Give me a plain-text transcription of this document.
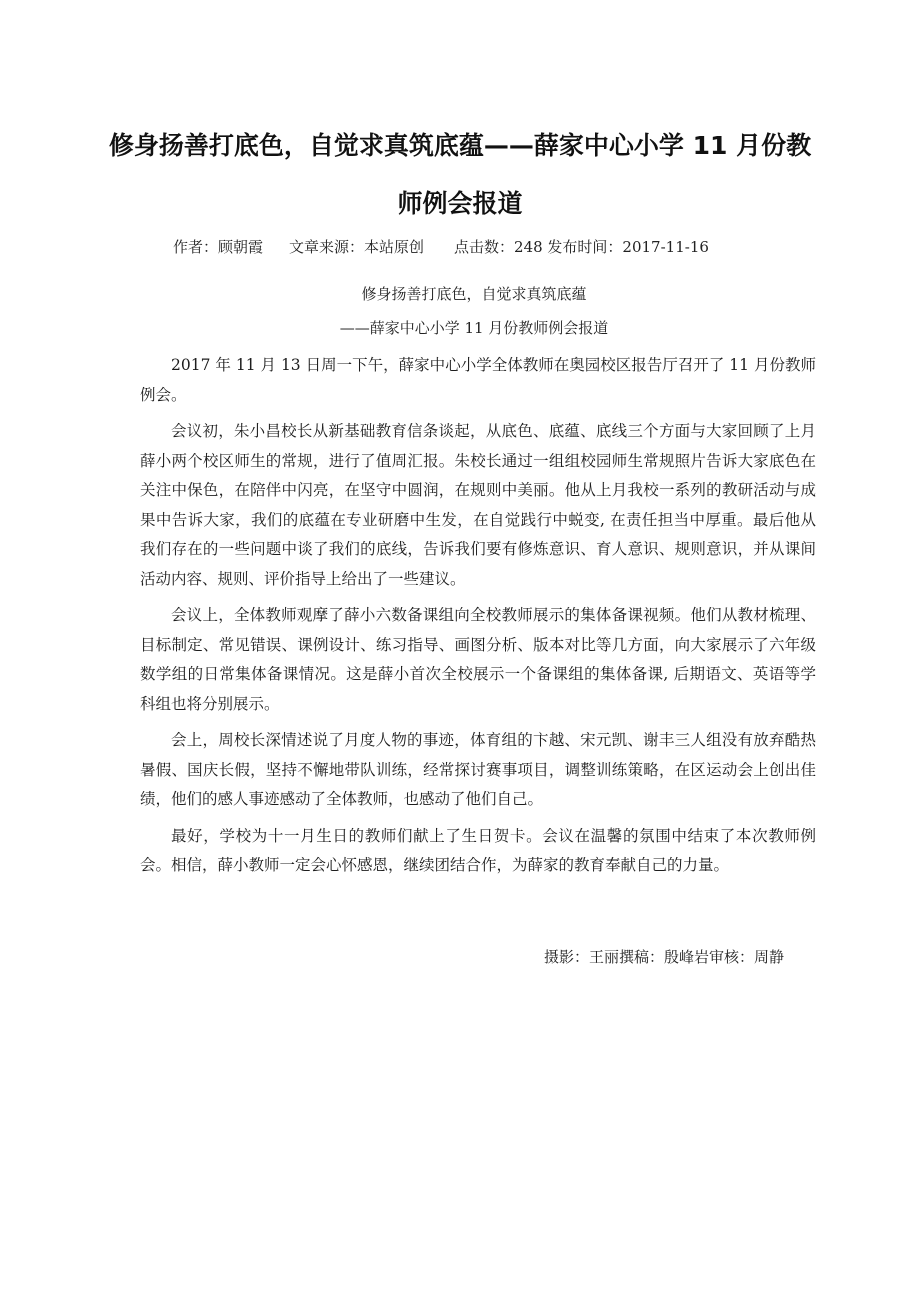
修身扬善打底色，自觉求真筑底蕴——薛家中心小学 11 月份教
师例会报道
作者：顾朝霞 文章来源：本站原创 点击数：248 发布时间：2017-11-16
修身扬善打底色，自觉求真筑底蕴
——薛家中心小学 11 月份教师例会报道

2017 年 11 月 13 日周一下午，薛家中心小学全体教师在奥园校区报告厅召开了 11 月份教师例会。

会议初，朱小昌校长从新基础教育信条谈起，从底色、底蕴、底线三个方面与大家回顾了上月薛小两个校区师生的常规，进行了值周汇报。朱校长通过一组组校园师生常规照片告诉大家底色在关注中保色，在陪伴中闪亮，在坚守中圆润，在规则中美丽。他从上月我校一系列的教研活动与成果中告诉大家，我们的底蕴在专业研磨中生发，在自觉践行中蜕变, 在责任担当中厚重。最后他从我们存在的一些问题中谈了我们的底线，告诉我们要有修炼意识、育人意识、规则意识，并从课间活动内容、规则、评价指导上给出了一些建议。

会议上，全体教师观摩了薛小六数备课组向全校教师展示的集体备课视频。他们从教材梳理、目标制定、常见错误、课例设计、练习指导、画图分析、版本对比等几方面，向大家展示了六年级数学组的日常集体备课情况。这是薛小首次全校展示一个备课组的集体备课, 后期语文、英语等学科组也将分别展示。

会上，周校长深情述说了月度人物的事迹，体育组的卞越、宋元凯、谢丰三人组没有放弃酷热暑假、国庆长假，坚持不懈地带队训练，经常探讨赛事项目，调整训练策略，在区运动会上创出佳绩，他们的感人事迹感动了全体教师，也感动了他们自己。

最好，学校为十一月生日的教师们献上了生日贺卡。会议在温馨的氛围中结束了本次教师例会。相信，薛小教师一定会心怀感恩，继续团结合作，为薛家的教育奉献自己的力量。

摄影：王丽撰稿：殷峰岩审核：周静
